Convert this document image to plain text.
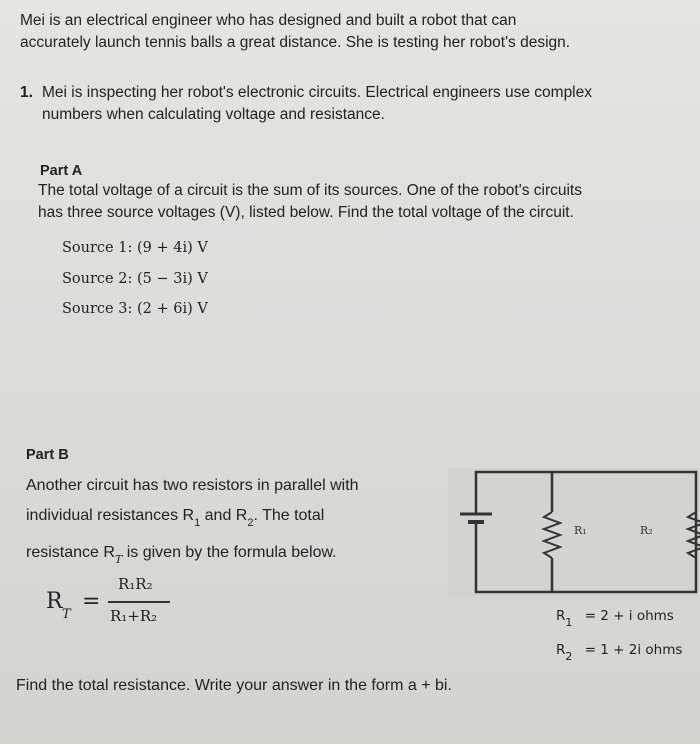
Mei is an electrical engineer who has designed and built a robot that can
accurately launch tennis balls a great distance. She is testing her robot's design.
1. Mei is inspecting her robot's electronic circuits. Electrical engineers use complex
numbers when calculating voltage and resistance.
Part A
The total voltage of a circuit is the sum of its sources. One of the robot's circuits
has three source voltages (V), listed below. Find the total voltage of the circuit.
Source 1: (9 + 4i) V
Source 2: (5 − 3i) V
Source 3: (2 + 6i) V
Part B
Another circuit has two resistors in parallel with
individual resistances $R_1$ and $R_2$. The total
resistance $R_T$ is given by the formula below.
R
T
=
R₁R₂
R₁+R₂
R₁	R₂
$R_1 = 2 + i$ ohms
$R_2 = 1 + 2i$ ohms
Find the total resistance. Write your answer in the form a + bi.
